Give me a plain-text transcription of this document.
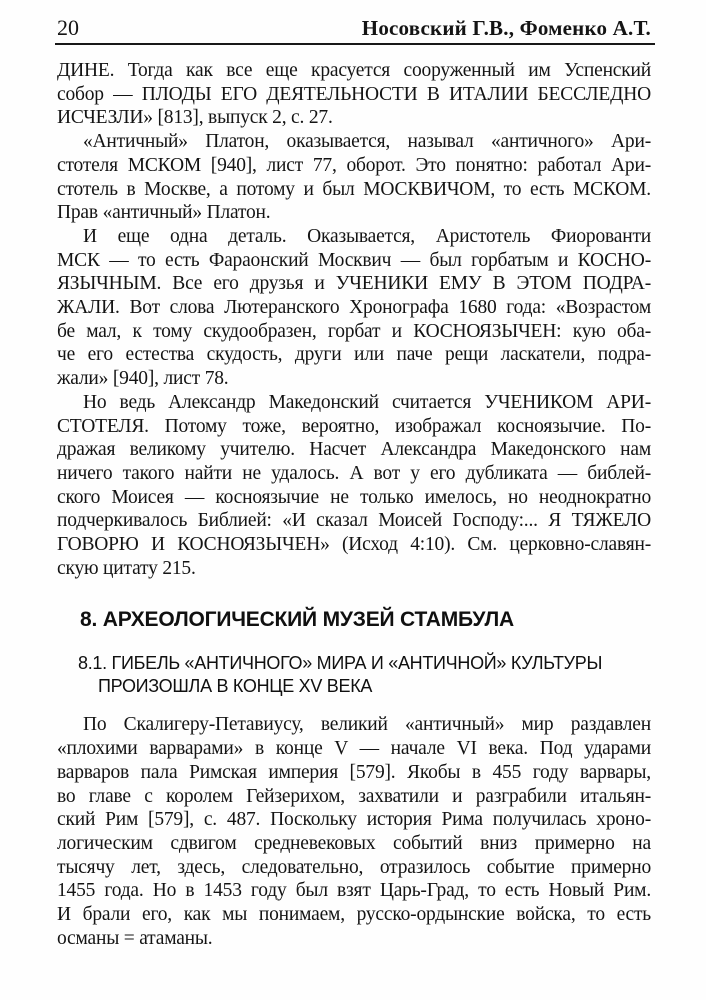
20	Носовский Г.В., Фоменко А.Т.
ДИНЕ. Тогда как все еще красуется сооруженный им Успенский
собор — ПЛОДЫ ЕГО ДЕЯТЕЛЬНОСТИ В ИТАЛИИ БЕССЛЕДНО
ИСЧЕЗЛИ» [813], выпуск 2, с. 27.
«Античный» Платон, оказывается, называл «античного» Ари-
стотеля МСКОМ [940], лист 77, оборот. Это понятно: работал Ари-
стотель в Москве, а потому и был МОСКВИЧОМ, то есть МСКОМ.
Прав «античный» Платон.
И еще одна деталь. Оказывается, Аристотель Фиорованти
МСК — то есть Фараонский Москвич — был горбатым и КОСНО-
ЯЗЫЧНЫМ. Все его друзья и УЧЕНИКИ ЕМУ В ЭТОМ ПОДРА-
ЖАЛИ. Вот слова Лютеранского Хронографа 1680 года: «Возрастом
бе мал, к тому скудообразен, горбат и КОСНОЯЗЫЧЕН: кую оба-
че его естества скудость, други или паче рещи ласкатели, подра-
жали» [940], лист 78.
Но ведь Александр Македонский считается УЧЕНИКОМ АРИ-
СТОТЕЛЯ. Потому тоже, вероятно, изображал косноязычие. По-
дражая великому учителю. Насчет Александра Македонского нам
ничего такого найти не удалось. А вот у его дубликата — библей-
ского Моисея — косноязычие не только имелось, но неоднократно
подчеркивалось Библией: «И сказал Моисей Господу:... Я ТЯЖЕЛО
ГОВОРЮ И КОСНОЯЗЫЧЕН» (Исход 4:10). См. церковно-славян-
скую цитату 215.
8. АРХЕОЛОГИЧЕСКИЙ МУЗЕЙ СТАМБУЛА
8.1. ГИБЕЛЬ «АНТИЧНОГО» МИРА И «АНТИЧНОЙ» КУЛЬТУРЫ
ПРОИЗОШЛА В КОНЦЕ XV ВЕКА
По Скалигеру-Петавиусу, великий «античный» мир раздавлен
«плохими варварами» в конце V — начале VI века. Под ударами
варваров пала Римская империя [579]. Якобы в 455 году варвары,
во главе с королем Гейзерихом, захватили и разграбили итальян-
ский Рим [579], с. 487. Поскольку история Рима получилась хроно-
логическим сдвигом средневековых событий вниз примерно на
тысячу лет, здесь, следовательно, отразилось событие примерно
1455 года. Но в 1453 году был взят Царь-Град, то есть Новый Рим.
И брали его, как мы понимаем, русско-ордынские войска, то есть
османы = атаманы.
